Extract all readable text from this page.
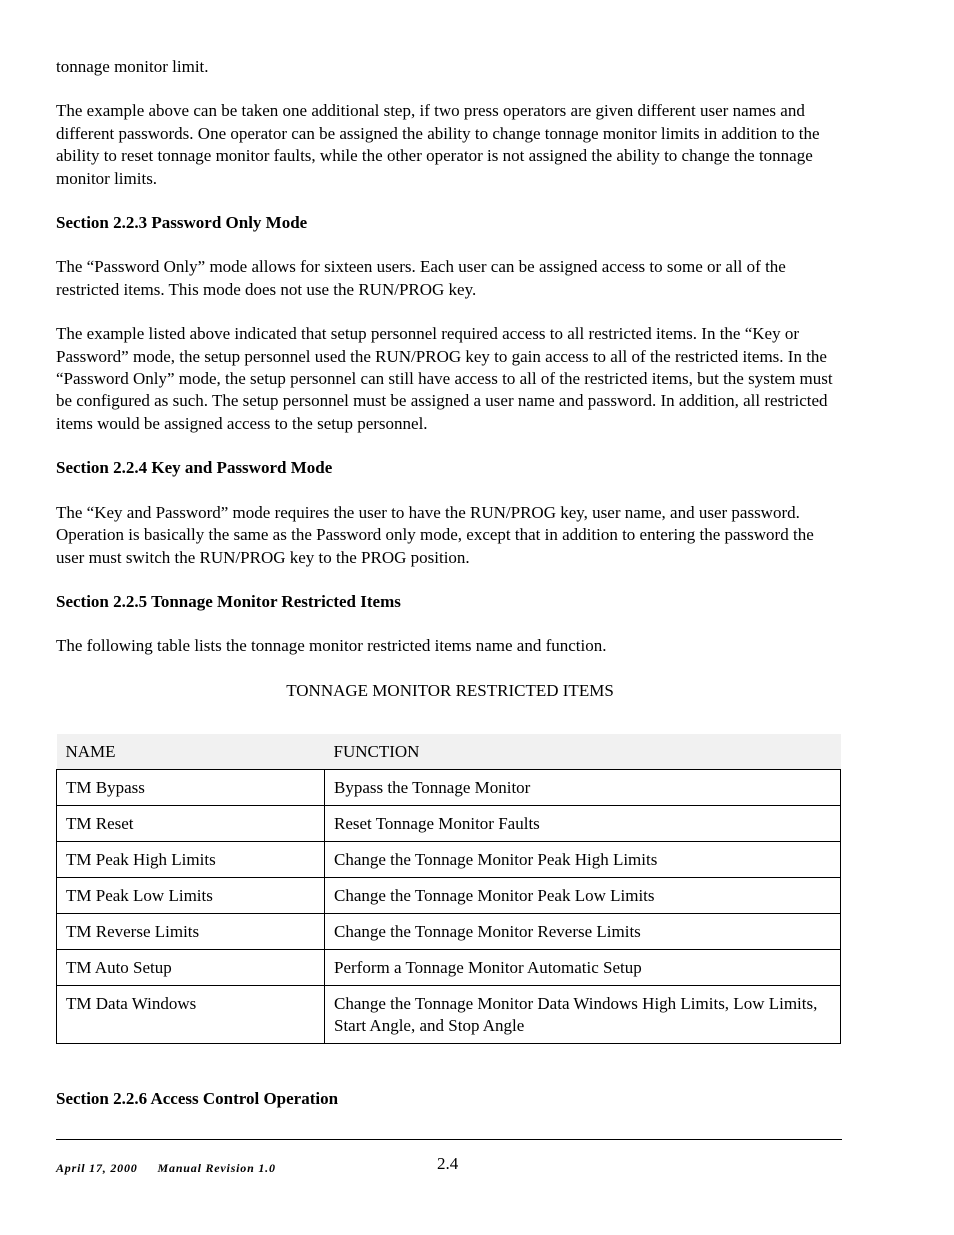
tonnage monitor limit.

The example above can be taken one additional step, if two press operators are given different user names and different passwords. One operator can be assigned the ability to change tonnage monitor limits in addition to the ability to reset tonnage monitor faults, while the other operator is not assigned the ability to change the tonnage monitor limits.

Section 2.2.3 Password Only Mode

The “Password Only” mode allows for sixteen users. Each user can be assigned access to some or all of the restricted items. This mode does not use the RUN/PROG key.

The example listed above indicated that setup personnel required access to all restricted items. In the “Key or Password” mode, the setup personnel used the RUN/PROG key to gain access to all of the restricted items. In the “Password Only” mode, the setup personnel can still have access to all of the restricted items, but the system must be configured as such. The setup personnel must be assigned a user name and password. In addition, all restricted items would be assigned access to the setup personnel.

Section 2.2.4 Key and Password Mode

The “Key and Password” mode requires the user to have the RUN/PROG key, user name, and user password. Operation is basically the same as the Password only mode, except that in addition to entering the password the user must switch the RUN/PROG key to the PROG position.

Section 2.2.5 Tonnage Monitor Restricted Items

The following table lists the tonnage monitor restricted items name and function.

TONNAGE MONITOR RESTRICTED ITEMS

NAME	FUNCTION
TM Bypass	Bypass the Tonnage Monitor
TM Reset	Reset Tonnage Monitor Faults
TM Peak High Limits	Change the Tonnage Monitor Peak High Limits
TM Peak Low Limits	Change the Tonnage Monitor Peak Low Limits
TM Reverse Limits	Change the Tonnage Monitor Reverse Limits
TM Auto Setup	Perform a Tonnage Monitor Automatic Setup
TM Data Windows	Change the Tonnage Monitor Data Windows High Limits, Low Limits, Start Angle, and Stop Angle

Section 2.2.6 Access Control Operation

April 17, 2000 Manual Revision 1.0	2.4
